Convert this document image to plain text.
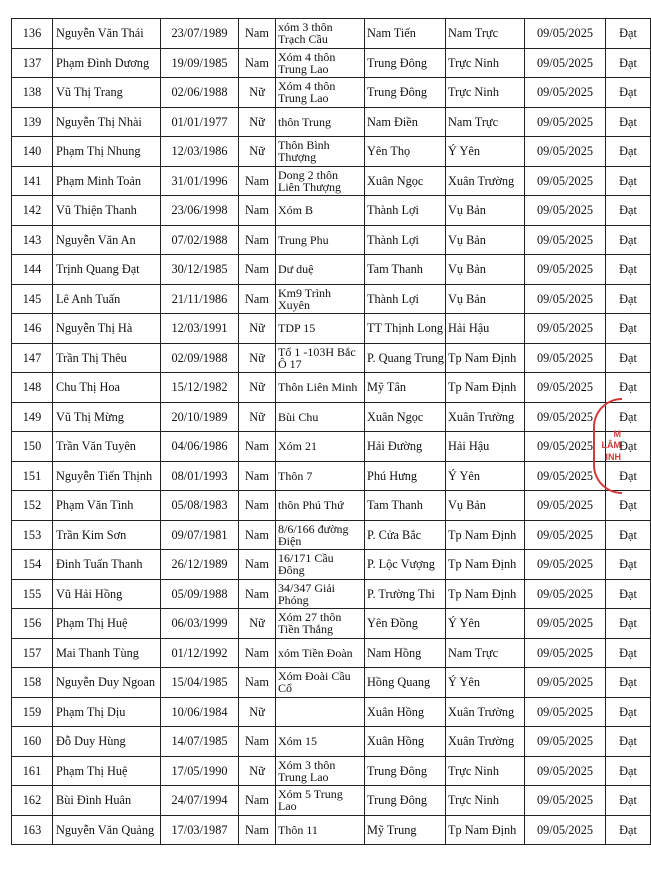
136	Nguyễn Văn Thái	23/07/1989	Nam	xóm 3 thôn Trạch Cầu	Nam Tiến	Nam Trực	09/05/2025	Đạt
137	Phạm Đình Dương	19/09/1985	Nam	Xóm 4 thôn Trung Lao	Trung Đông	Trực Ninh	09/05/2025	Đạt
138	Vũ Thị Trang	02/06/1988	Nữ	Xóm 4 thôn Trung Lao	Trung Đông	Trực Ninh	09/05/2025	Đạt
139	Nguyễn Thị Nhài	01/01/1977	Nữ	thôn Trung	Nam Điền	Nam Trực	09/05/2025	Đạt
140	Phạm Thị Nhung	12/03/1986	Nữ	Thôn Bình Thượng	Yên Thọ	Ý Yên	09/05/2025	Đạt
141	Phạm Minh Toản	31/01/1996	Nam	Dong 2 thôn Liên Thượng	Xuân Ngọc	Xuân Trường	09/05/2025	Đạt
142	Vũ Thiện Thanh	23/06/1998	Nam	Xóm B	Thành Lợi	Vụ Bản	09/05/2025	Đạt
143	Nguyễn Văn An	07/02/1988	Nam	Trung Phu	Thành Lợi	Vụ Bản	09/05/2025	Đạt
144	Trịnh Quang Đạt	30/12/1985	Nam	Dư duệ	Tam Thanh	Vụ Bản	09/05/2025	Đạt
145	Lê Anh Tuấn	21/11/1986	Nam	Km9 Trình Xuyên	Thành Lợi	Vụ Bản	09/05/2025	Đạt
146	Nguyễn Thị Hà	12/03/1991	Nữ	TDP 15	TT Thịnh Long	Hải Hậu	09/05/2025	Đạt
147	Trần Thị Thêu	02/09/1988	Nữ	Tổ 1 -103H Bắc Ô 17	P. Quang Trung	Tp Nam Định	09/05/2025	Đạt
148	Chu Thị Hoa	15/12/1982	Nữ	Thôn Liên Minh	Mỹ Tân	Tp Nam Định	09/05/2025	Đạt
149	Vũ Thị Mừng	20/10/1989	Nữ	Bùi Chu	Xuân Ngọc	Xuân Trường	09/05/2025	Đạt
150	Trần Văn Tuyên	04/06/1986	Nam	Xóm 21	Hải Đường	Hải Hậu	09/05/2025	Đạt
151	Nguyễn Tiến Thịnh	08/01/1993	Nam	Thôn 7	Phú Hưng	Ý Yên	09/05/2025	Đạt
152	Phạm Văn Tình	05/08/1983	Nam	thôn Phú Thứ	Tam Thanh	Vụ Bản	09/05/2025	Đạt
153	Trần Kim Sơn	09/07/1981	Nam	8/6/166 đường Điện	P. Cửa Bắc	Tp Nam Định	09/05/2025	Đạt
154	Đinh Tuấn Thanh	26/12/1989	Nam	16/171 Cầu Đông	P. Lộc Vượng	Tp Nam Định	09/05/2025	Đạt
155	Vũ Hải Hồng	05/09/1988	Nam	34/347 Giải Phóng	P. Trường Thi	Tp Nam Định	09/05/2025	Đạt
156	Phạm Thị Huệ	06/03/1999	Nữ	Xóm 27 thôn Tiền Thắng	Yên Đồng	Ý Yên	09/05/2025	Đạt
157	Mai Thanh Tùng	01/12/1992	Nam	xóm Tiền Đoàn	Nam Hồng	Nam Trực	09/05/2025	Đạt
158	Nguyễn Duy Ngoan	15/04/1985	Nam	Xóm Đoài Cầu Cổ	Hồng Quang	Ý Yên	09/05/2025	Đạt
159	Phạm Thị Dịu	10/06/1984	Nữ		Xuân Hồng	Xuân Trường	09/05/2025	Đạt
160	Đỗ Duy Hùng	14/07/1985	Nam	Xóm 15	Xuân Hồng	Xuân Trường	09/05/2025	Đạt
161	Phạm Thị Huệ	17/05/1990	Nữ	Xóm 3 thôn Trung Lao	Trung Đông	Trực Ninh	09/05/2025	Đạt
162	Bùi Đình Huân	24/07/1994	Nam	Xóm 5 Trung Lao	Trung Đông	Trực Ninh	09/05/2025	Đạt
163	Nguyễn Văn Quảng	17/03/1987	Nam	Thôn 11	Mỹ Trung	Tp Nam Định	09/05/2025	Đạt
M
LÂM
INH
